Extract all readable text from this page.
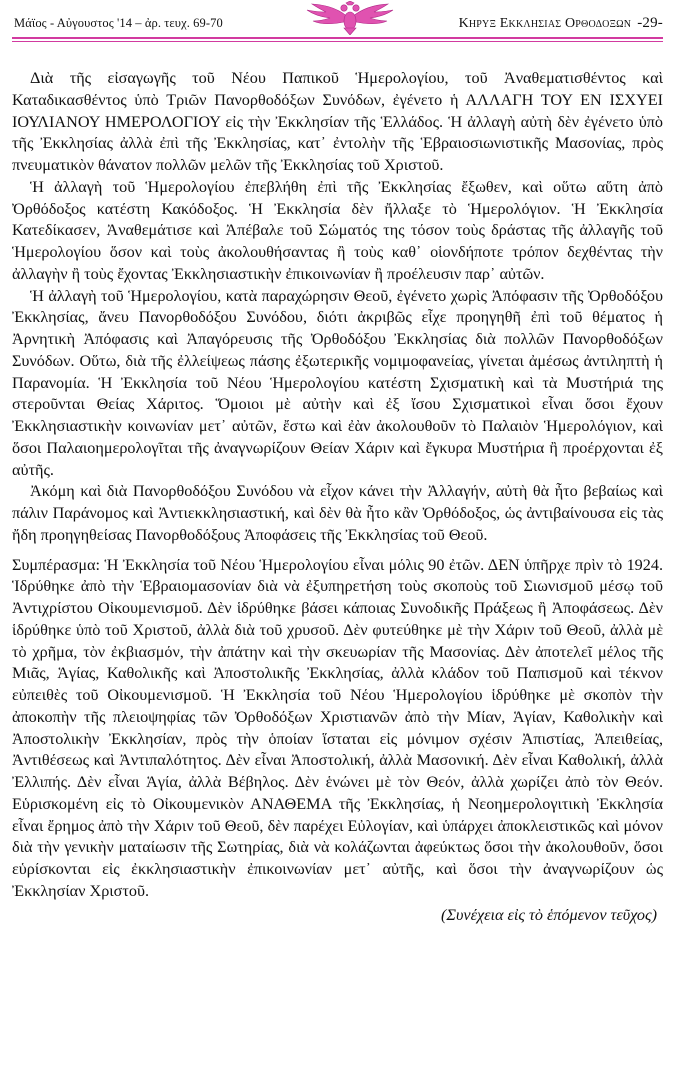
Μάϊος - Αὐγουστος '14 – ἀρ. τευχ. 69-70	Κηρυξ Εκκλησιας Ορθοδοξων -29-

Διὰ τῆς εἰσαγωγῆς τοῦ Νέου Παπικοῦ Ἡμερολογίου, τοῦ Ἀναθεματισθέντος καὶ Καταδικασθέντος ὑπὸ Τριῶν Πανορθοδόξων Συνόδων, ἐγένετο ἡ ΑΛΛΑΓΗ ΤΟΥ ΕΝ ΙΣΧΥΕΙ ΙΟΥΛΙΑΝΟΥ ΗΜΕΡΟΛΟΓΙΟΥ εἰς τὴν Ἐκκλησίαν τῆς Ἑλλάδος. Ἡ ἀλλαγὴ αὐτὴ δὲν ἐγένετο ὑπὸ τῆς Ἐκκλησίας ἀλλὰ ἐπὶ τῆς Ἐκκλησίας, κατ᾽ ἐντολὴν τῆς Ἑβραιοσιωνιστικῆς Μασονίας, πρὸς πνευματικὸν θάνατον πολλῶν μελῶν τῆς Ἐκκλησίας τοῦ Χριστοῦ.

Ἡ ἀλλαγὴ τοῦ Ἡμερολογίου ἐπεβλήθη ἐπὶ τῆς Ἐκκλησίας ἔξωθεν, καὶ οὕτω αὕτη ἀπὸ Ὀρθόδοξος κατέστη Κακόδοξος. Ἡ Ἐκκλησία δὲν ἤλλαξε τὸ Ἡμερολόγιον. Ἡ Ἐκκλησία Κατεδίκασεν, Ἀναθεμάτισε καὶ Ἀπέβαλε τοῦ Σώματός της τόσον τοὺς δράστας τῆς ἀλλαγῆς τοῦ Ἡμερολογίου ὅσον καὶ τοὺς ἀκολουθήσαντας ἢ τοὺς καθ᾽ οἱονδήποτε τρόπον δεχθέντας τὴν ἀλλαγὴν ἢ τοὺς ἔχοντας Ἐκκλησιαστικὴν ἐπικοινωνίαν ἢ προέλευσιν παρ᾽ αὐτῶν.

Ἡ ἀλλαγὴ τοῦ Ἡμερολογίου, κατὰ παραχώρησιν Θεοῦ, ἐγένετο χωρὶς Ἀπόφασιν τῆς Ὀρθοδόξου Ἐκκλησίας, ἄνευ Πανορθοδόξου Συνόδου, διότι ἀκριβῶς εἶχε προηγηθῆ ἐπὶ τοῦ θέματος ἡ Ἀρνητικὴ Ἀπόφασις καὶ Ἀπαγόρευσις τῆς Ὀρθοδόξου Ἐκκλησίας διὰ πολλῶν Πανορθοδόξων Συνόδων. Οὕτω, διὰ τῆς ἐλλείψεως πάσης ἐξωτερικῆς νομιμοφανείας, γίνεται ἀμέσως ἀντιληπτὴ ἡ Παρανομία. Ἡ Ἐκκλησία τοῦ Νέου Ἡμερολογίου κατέστη Σχισματικὴ καὶ τὰ Μυστήριά της στεροῦνται Θείας Χάριτος. Ὅμοιοι μὲ αὐτὴν καὶ ἐξ ἴσου Σχισματικοὶ εἶναι ὅσοι ἔχουν Ἐκκλησιαστικὴν κοινωνίαν μετ᾽ αὐτῶν, ἔστω καὶ ἐὰν ἀκολουθοῦν τὸ Παλαιὸν Ἡμερολόγιον, καὶ ὅσοι Παλαιοημερολογῖται τῆς ἀναγνωρίζουν Θείαν Χάριν καὶ ἔγκυρα Μυστήρια ἢ προέρχονται ἐξ αὐτῆς.

Ἀκόμη καὶ διὰ Πανορθοδόξου Συνόδου νὰ εἶχον κάνει τὴν Ἀλλαγήν, αὐτὴ θὰ ἦτο βεβαίως καὶ πάλιν Παράνομος καὶ Ἀντιεκκλησιαστική, καὶ δὲν θὰ ἦτο κἂν Ὀρθόδοξος, ὡς ἀντιβαίνουσα εἰς τὰς ἤδη προηγηθείσας Πανορθοδόξους Ἀποφάσεις τῆς Ἐκκλησίας τοῦ Θεοῦ.

Συμπέρασμα: Ἡ Ἐκκλησία τοῦ Νέου Ἡμερολογίου εἶναι μόλις 90 ἐτῶν. ΔΕΝ ὑπῆρχε πρὶν τὸ 1924. Ἱδρύθηκε ἀπὸ τὴν Ἑβραιομασονίαν διὰ νὰ ἐξυπηρετήση τοὺς σκοποὺς τοῦ Σιωνισμοῦ μέσῳ τοῦ Ἀντιχρίστου Οἰκουμενισμοῦ. Δὲν ἱδρύθηκε βάσει κάποιας Συνοδικῆς Πράξεως ἢ Ἀποφάσεως. Δὲν ἱδρύθηκε ὑπὸ τοῦ Χριστοῦ, ἀλλὰ διὰ τοῦ χρυσοῦ. Δὲν φυτεύθηκε μὲ τὴν Χάριν τοῦ Θεοῦ, ἀλλὰ μὲ τὸ χρῆμα, τὸν ἐκβιασμόν, τὴν ἀπάτην καὶ τὴν σκευωρίαν τῆς Μασονίας. Δὲν ἀποτελεῖ μέλος τῆς Μιᾶς, Ἁγίας, Καθολικῆς καὶ Ἀποστολικῆς Ἐκκλησίας, ἀλλὰ κλάδον τοῦ Παπισμοῦ καὶ τέκνον εὐπειθὲς τοῦ Οἰκουμενισμοῦ. Ἡ Ἐκκλησία τοῦ Νέου Ἡμερολογίου ἱδρύθηκε μὲ σκοπὸν τὴν ἀποκοπὴν τῆς πλειοψηφίας τῶν Ὀρθοδόξων Χριστιανῶν ἀπὸ τὴν Μίαν, Ἁγίαν, Καθολικὴν καὶ Ἀποστολικὴν Ἐκκλησίαν, πρὸς τὴν ὁποίαν ἵσταται εἰς μόνιμον σχέσιν Ἀπιστίας, Ἀπειθείας, Ἀντιθέσεως καὶ Ἀντιπαλότητος. Δὲν εἶναι Ἀποστολική, ἀλλὰ Μασονική. Δὲν εἶναι Καθολική, ἀλλὰ Ἐλλιπής. Δὲν εἶναι Ἁγία, ἀλλὰ Βέβηλος. Δὲν ἑνώνει μὲ τὸν Θεόν, ἀλλὰ χωρίζει ἀπὸ τὸν Θεόν. Εὑρισκομένη εἰς τὸ Οἰκουμενικὸν ΑΝΑΘΕΜΑ τῆς Ἐκκλησίας, ἡ Νεοημερολογιτικὴ Ἐκκλησία εἶναι ἔρημος ἀπὸ τὴν Χάριν τοῦ Θεοῦ, δὲν παρέχει Εὐλογίαν, καὶ ὑπάρχει ἀποκλειστικῶς καὶ μόνον διὰ τὴν γενικὴν ματαίωσιν τῆς Σωτηρίας, διὰ νὰ κολάζωνται ἀφεύκτως ὅσοι τὴν ἀκολουθοῦν, ὅσοι εὑρίσκονται εἰς ἐκκλησιαστικὴν ἐπικοινωνίαν μετ᾽ αὐτῆς, καὶ ὅσοι τὴν ἀναγνωρίζουν ὡς Ἐκκλησίαν Χριστοῦ.

(Συνέχεια εἰς τὸ ἑπόμενον τεῦχος)
